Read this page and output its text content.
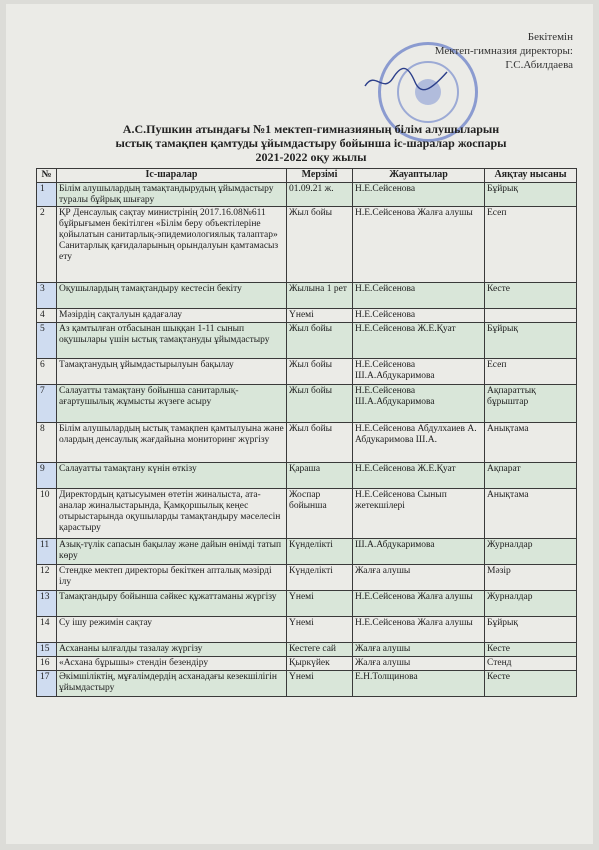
Бекітемін
Мектеп-гимназия директоры:
Г.С.Абилдаева
А.С.Пушкин атындағы №1 мектеп-гимназияның білім алушыларын
ыстық тамақпен қамтуды ұйымдастыру бойынша іс-шаралар жоспары
2021-2022 оқу жылы
№	Іс-шаралар	Мерзімі	Жауаптылар	Аяқтау нысаны
1	Білім алушылардың тамақтандырудың ұйымдастыру туралы бұйрық шығару	01.09.21 ж.	Н.Е.Сейсенова	Бұйрық
2	ҚР Денсаулық сақтау министрінің 2017.16.08№611 бұйрығымен бекітілген «Білім беру объектілеріне қойылатын санитарлық-эпидемиологиялық талаптар» Санитарлық қағидаларының орындалуын қамтамасыз ету	Жыл бойы	Н.Е.Сейсенова Жалға алушы	Есеп
3	Оқушылардың тамақтандыру кестесін бекіту	Жылына 1 рет	Н.Е.Сейсенова	Кесте
4	Мәзірдің сақталуын қадағалау	Үнемі	Н.Е.Сейсенова	
5	Аз қамтылған отбасынан шыққан 1-11 сынып оқушылары үшін ыстық тамақтануды ұйымдастыру	Жыл бойы	Н.Е.Сейсенова Ж.Е.Қуат	Бұйрық
6	Тамақтанудың ұйымдастырылуын бақылау	Жыл бойы	Н.Е.Сейсенова Ш.А.Абдукаримова	Есеп
7	Салауатты тамақтану бойынша санитарлық-ағартушылық жұмысты жүзеге асыру	Жыл бойы	Н.Е.Сейсенова Ш.А.Абдукаримова	Ақпараттық бұрыштар
8	Білім алушылардың ыстық тамақпен қамтылуына және олардың денсаулық жағдайына мониторинг жүргізу	Жыл бойы	Н.Е.Сейсенова Абдулхаиев А. Абдукаримова Ш.А.	Анықтама
9	Салауатты тамақтану күнін өткізу	Қараша	Н.Е.Сейсенова Ж.Е.Қуат	Ақпарат
10	Директордың қатысуымен өтетін жиналыста, ата-аналар жиналыстарында, Қамқоршылық кеңес отырыстарында оқушыларды тамақтандыру мәселесін қарастыру	Жоспар бойынша	Н.Е.Сейсенова Сынып жетекшілері	Анықтама
11	Азық-түлік сапасын бақылау және дайын өнімді татып көру	Күнделікті	Ш.А.Абдукаримова	Журналдар
12	Стендке мектеп директоры бекіткен апталық мәзірді ілу	Күнделікті	Жалға алушы	Мәзір
13	Тамақтандыру бойынша сәйкес құжаттаманы жүргізу	Үнемі	Н.Е.Сейсенова Жалға алушы	Журналдар
14	Су ішу режимін сақтау	Үнемі	Н.Е.Сейсенова Жалға алушы	Бұйрық
15	Асхананы ылғалды тазалау жүргізу	Кестеге сай	Жалға алушы	Кесте
16	«Асхана бұрышы» стендін безендіру	Қыркүйек	Жалға алушы	Стенд
17	Әкімшіліктің, мұғалімдердің асханадағы кезекшілігін ұйымдастыру	Үнемі	Е.Н.Толщинова	Кесте
